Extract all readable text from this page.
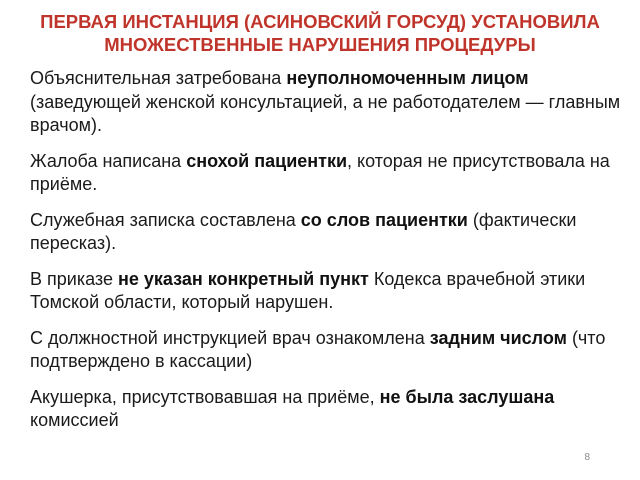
ПЕРВАЯ ИНСТАНЦИЯ (АСИНОВСКИЙ ГОРСУД) УСТАНОВИЛА
МНОЖЕСТВЕННЫЕ НАРУШЕНИЯ ПРОЦЕДУРЫ

Объяснительная затребована неуполномоченным лицом (заведующей женской консультацией, а не работодателем — главным врачом).

Жалоба написана снохой пациентки, которая не присутствовала на приёме.

Служебная записка составлена со слов пациентки (фактически пересказ).

В приказе не указан конкретный пункт Кодекса врачебной этики Томской области, который нарушен.

С должностной инструкцией врач ознакомлена задним числом (что подтверждено в кассации)

Акушерка, присутствовавшая на приёме, не была заслушана комиссией

8
